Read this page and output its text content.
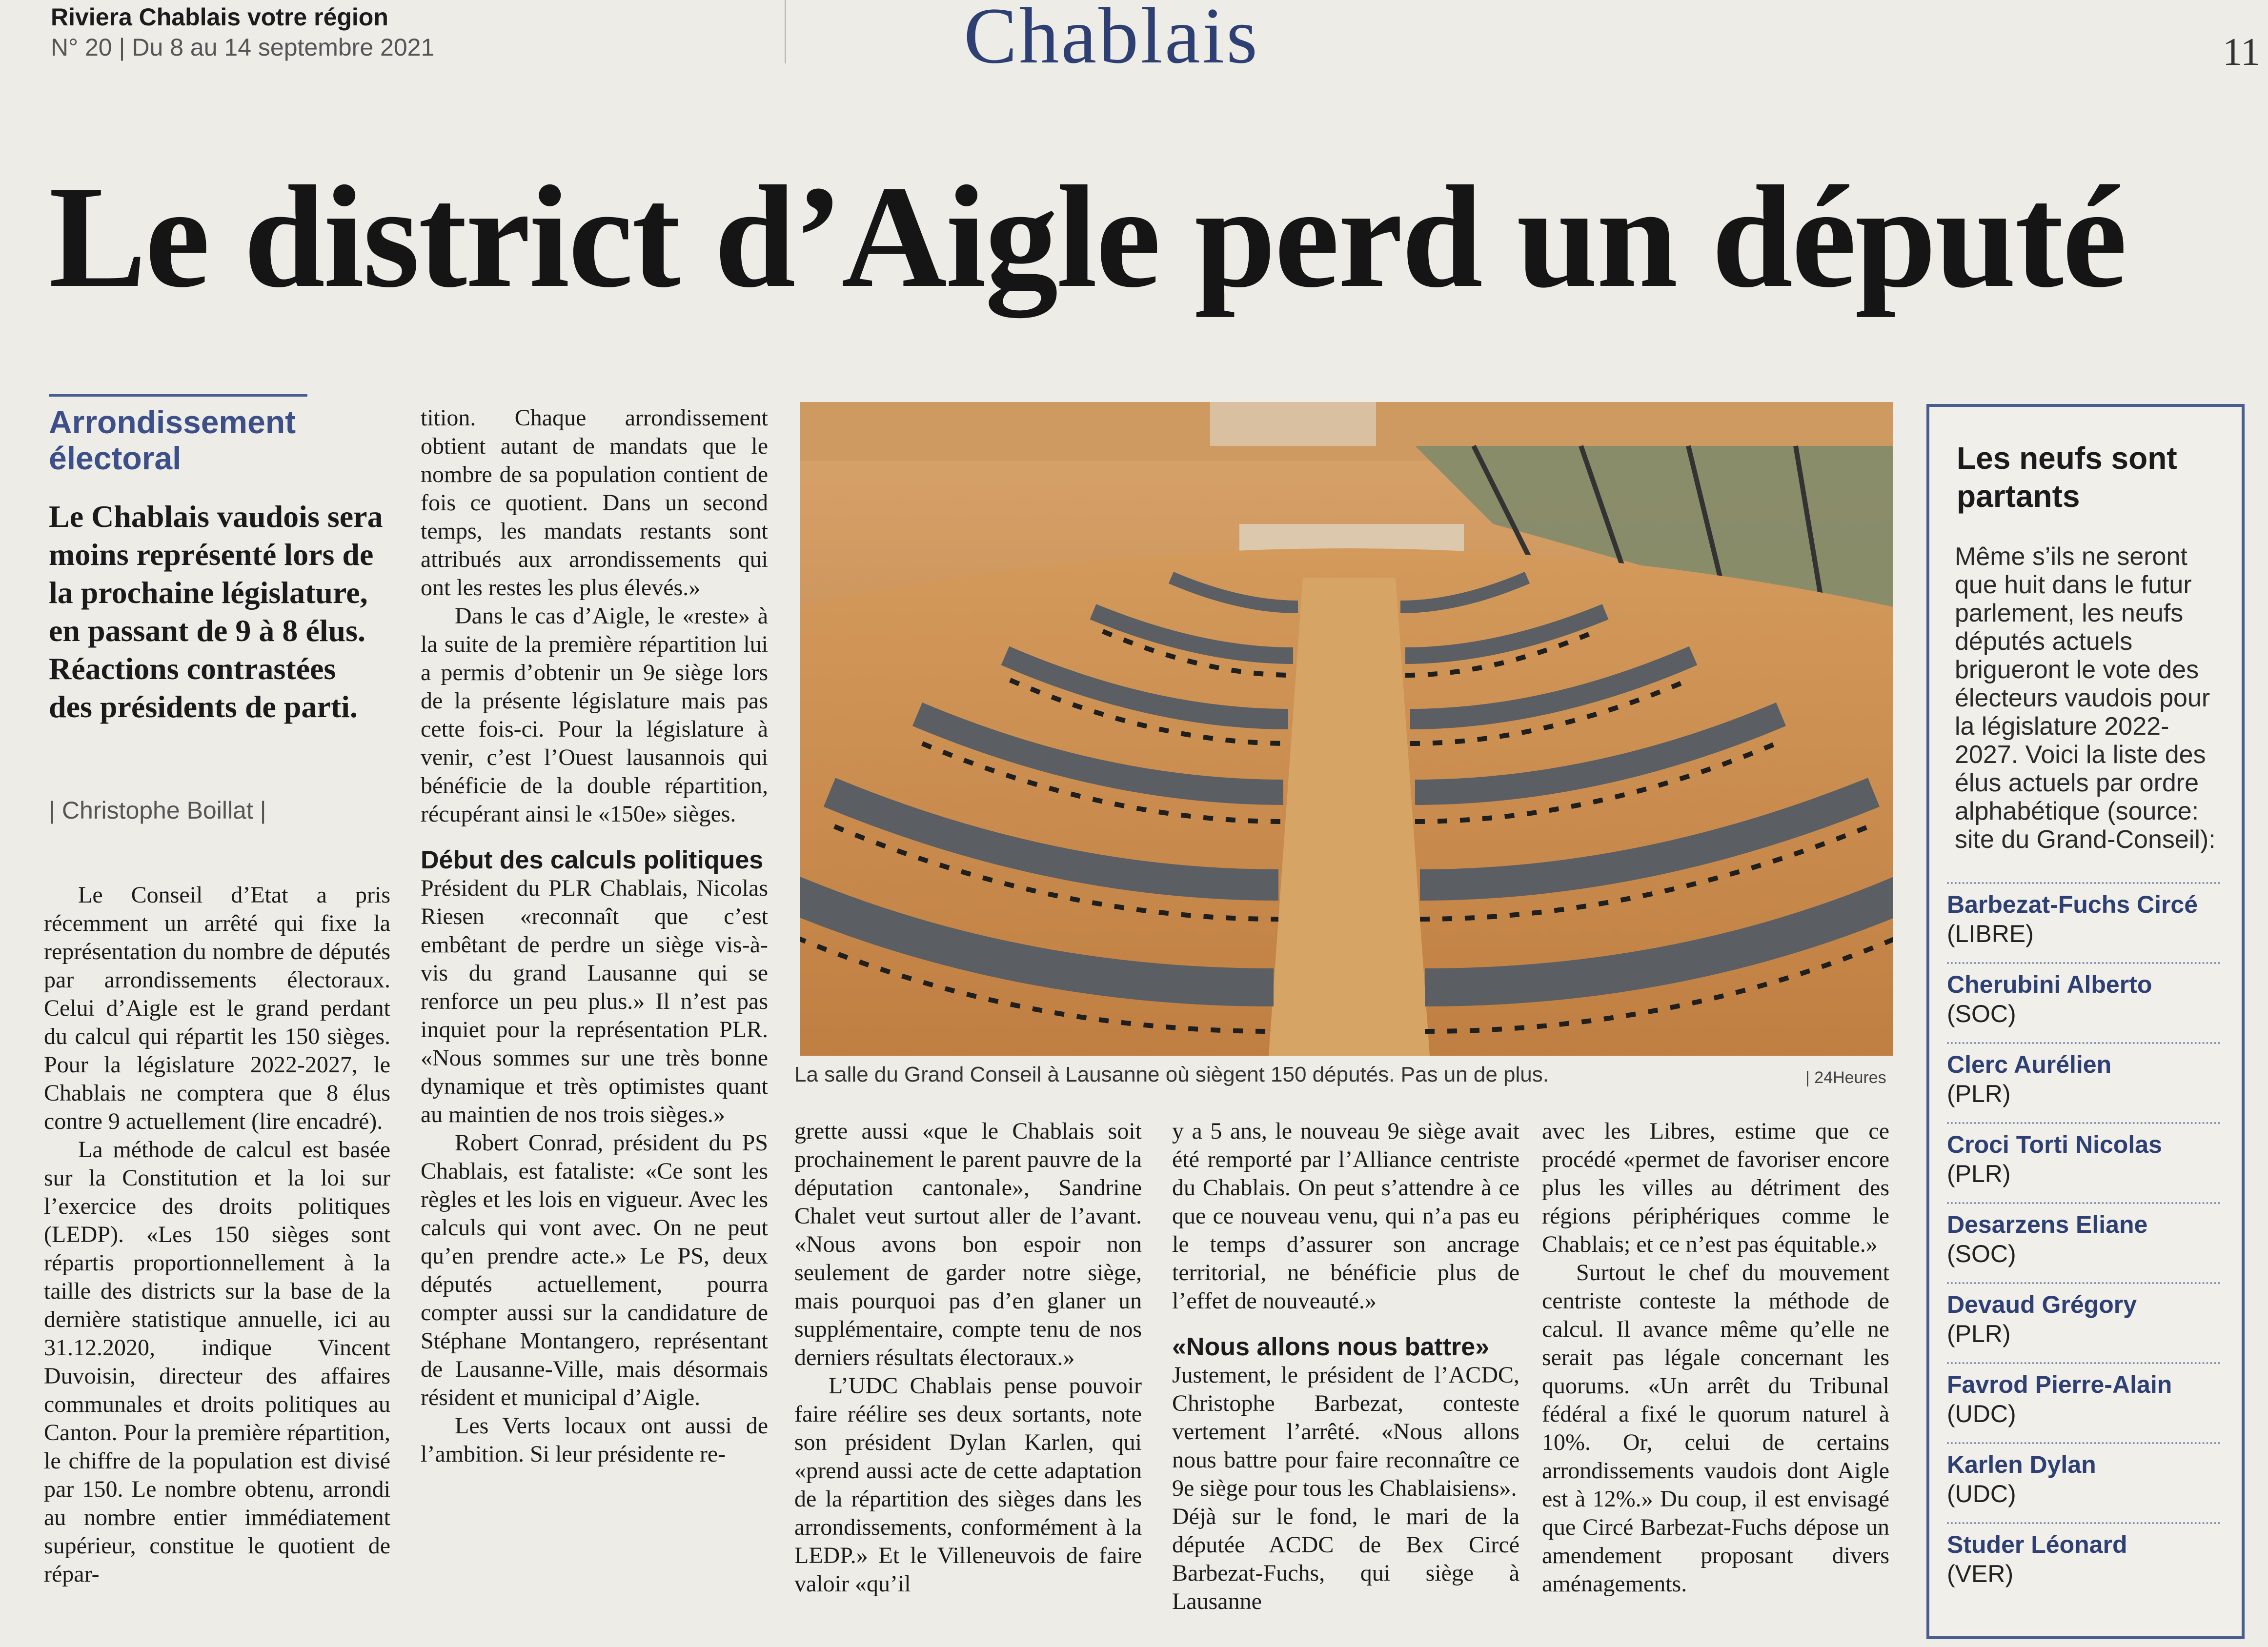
Riviera Chablais votre région
N° 20 | Du 8 au 14 septembre 2021	Chablais	11
Le district d’Aigle perd un député
Arrondissement électoral
Le Chablais vaudois sera moins représenté lors de la prochaine législature, en passant de 9 à 8 élus. Réactions contrastées des présidents de parti.
| Christophe Boillat |

Le Conseil d’Etat a pris récemment un arrêté qui fixe la représentation du nombre de députés par arrondissements électoraux. Celui d’Aigle est le grand perdant du calcul qui répartit les 150 sièges. Pour la législature 2022-2027, le Chablais ne comptera que 8 élus contre 9 actuellement (lire encadré).

La méthode de calcul est basée sur la Constitution et la loi sur l’exercice des droits politiques (LEDP). «Les 150 sièges sont répartis proportionnellement à la taille des districts sur la base de la dernière statistique annuelle, ici au 31.12.2020, indique Vincent Duvoisin, directeur des affaires communales et droits politiques au Canton. Pour la première répartition, le chiffre de la population est divisé par 150. Le nombre obtenu, arrondi au nombre entier immédiatement supérieur, constitue le quotient de répar-

tition. Chaque arrondissement obtient autant de mandats que le nombre de sa population contient de fois ce quotient. Dans un second temps, les mandats restants sont attribués aux arrondissements qui ont les restes les plus élevés.»

Dans le cas d’Aigle, le «reste» à la suite de la première répartition lui a permis d’obtenir un 9e siège lors de la présente législature mais pas cette fois-ci. Pour la législature à venir, c’est l’Ouest lausannois qui bénéficie de la double répartition, récupérant ainsi le «150e» sièges.

Début des calculs politiques

Président du PLR Chablais, Nicolas Riesen «reconnaît que c’est embêtant de perdre un siège vis-à-vis du grand Lausanne qui se renforce un peu plus.» Il n’est pas inquiet pour la représentation PLR. «Nous sommes sur une très bonne dynamique et très optimistes quant au maintien de nos trois sièges.»

Robert Conrad, président du PS Chablais, est fataliste: «Ce sont les règles et les lois en vigueur. Avec les calculs qui vont avec. On ne peut qu’en prendre acte.» Le PS, deux députés actuellement, pourra compter aussi sur la candidature de Stéphane Montangero, représentant de Lausanne-Ville, mais désormais résident et municipal d’Aigle.

Les Verts locaux ont aussi de l’ambition. Si leur présidente re-

La salle du Grand Conseil à Lausanne où siègent 150 députés. Pas un de plus.	| 24Heures

grette aussi «que le Chablais soit prochainement le parent pauvre de la députation cantonale», Sandrine Chalet veut surtout aller de l’avant. «Nous avons bon espoir non seulement de garder notre siège, mais pourquoi pas d’en glaner un supplémentaire, compte tenu de nos derniers résultats électoraux.»

L’UDC Chablais pense pouvoir faire réélire ses deux sortants, note son président Dylan Karlen, qui «prend aussi acte de cette adaptation de la répartition des sièges dans les arrondissements, conformément à la LEDP.» Et le Villeneuvois de faire valoir «qu’il

y a 5 ans, le nouveau 9e siège avait été remporté par l’Alliance centriste du Chablais. On peut s’attendre à ce que ce nouveau venu, qui n’a pas eu le temps d’assurer son ancrage territorial, ne bénéficie plus de l’effet de nouveauté.»

«Nous allons nous battre»

Justement, le président de l’ACDC, Christophe Barbezat, conteste vertement l’arrêté. «Nous allons nous battre pour faire reconnaître ce 9e siège pour tous les Chablaisiens».

Déjà sur le fond, le mari de la députée ACDC de Bex Circé Barbezat-Fuchs, qui siège à Lausanne

avec les Libres, estime que ce procédé «permet de favoriser encore plus les villes au détriment des régions périphériques comme le Chablais; et ce n’est pas équitable.»

Surtout le chef du mouvement centriste conteste la méthode de calcul. Il avance même qu’elle ne serait pas légale concernant les quorums. «Un arrêt du Tribunal fédéral a fixé le quorum naturel à 10%. Or, celui de certains arrondissements vaudois dont Aigle est à 12%.» Du coup, il est envisagé que Circé Barbezat-Fuchs dépose un amendement proposant divers aménagements.

Les neufs sont partants
Même s’ils ne seront que huit dans le futur parlement, les neufs députés actuels brigueront le vote des électeurs vaudois pour la législature 2022-2027. Voici la liste des élus actuels par ordre alphabétique (source: site du Grand-Conseil):
Barbezat-Fuchs Circé
(LIBRE)
Cherubini Alberto
(SOC)
Clerc Aurélien
(PLR)
Croci Torti Nicolas
(PLR)
Desarzens Eliane
(SOC)
Devaud Grégory
(PLR)
Favrod Pierre-Alain
(UDC)
Karlen Dylan
(UDC)
Studer Léonard
(VER)
